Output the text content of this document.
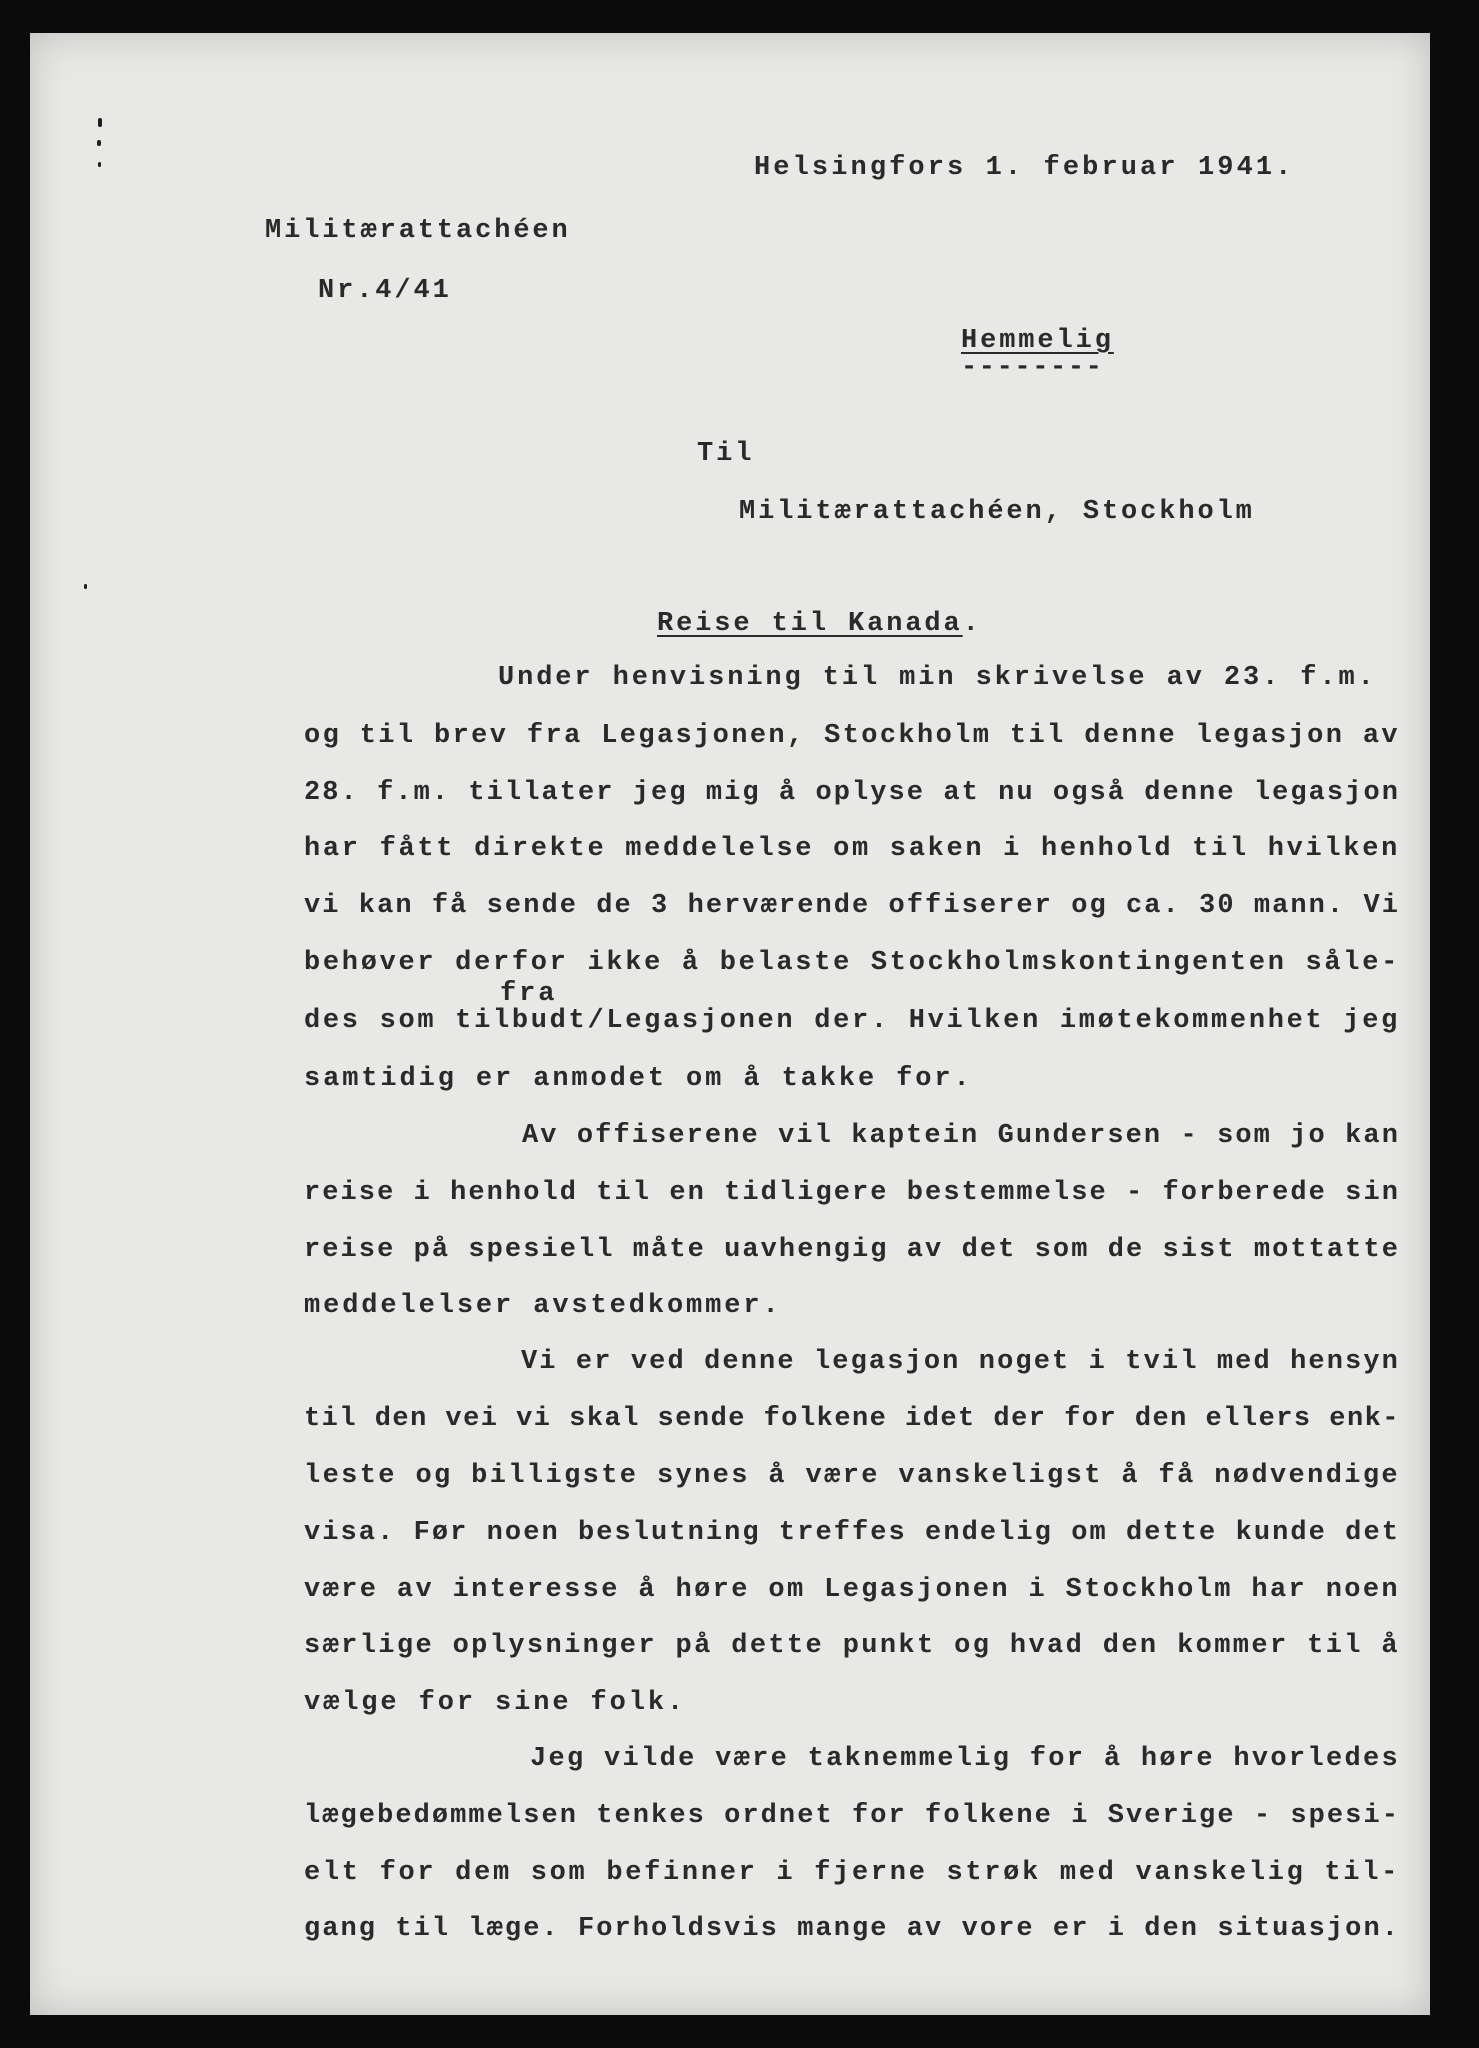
Helsingfors 1. februar 1941.
Militærattachéen
Nr.4/41
Hemmelig
--------
Til
Militærattachéen, Stockholm
Reise til Kanada.
Under henvisning til min skrivelse av 23. f.m.
og til brev fra Legasjonen, Stockholm til denne legasjon av
28. f.m. tillater jeg mig å oplyse at nu også denne legasjon
har fått direkte meddelelse om saken i henhold til hvilken
vi kan få sende de 3 herværende offiserer og ca. 30 mann. Vi
behøver derfor ikke å belaste Stockholmskontingenten såle-
fra
des som tilbudt/Legasjonen der. Hvilken imøtekommenhet jeg
samtidig er anmodet om å takke for.
Av offiserene vil kaptein Gundersen - som jo kan
reise i henhold til en tidligere bestemmelse - forberede sin
reise på spesiell måte uavhengig av det som de sist mottatte
meddelelser avstedkommer.
Vi er ved denne legasjon noget i tvil med hensyn
til den vei vi skal sende folkene idet der for den ellers enk-
leste og billigste synes å være vanskeligst å få nødvendige
visa. Før noen beslutning treffes endelig om dette kunde det
være av interesse å høre om Legasjonen i Stockholm har noen
særlige oplysninger på dette punkt og hvad den kommer til å
vælge for sine folk.
Jeg vilde være taknemmelig for å høre hvorledes
lægebedømmelsen tenkes ordnet for folkene i Sverige - spesi-
elt for dem som befinner i fjerne strøk med vanskelig til-
gang til læge. Forholdsvis mange av vore er i den situasjon.
